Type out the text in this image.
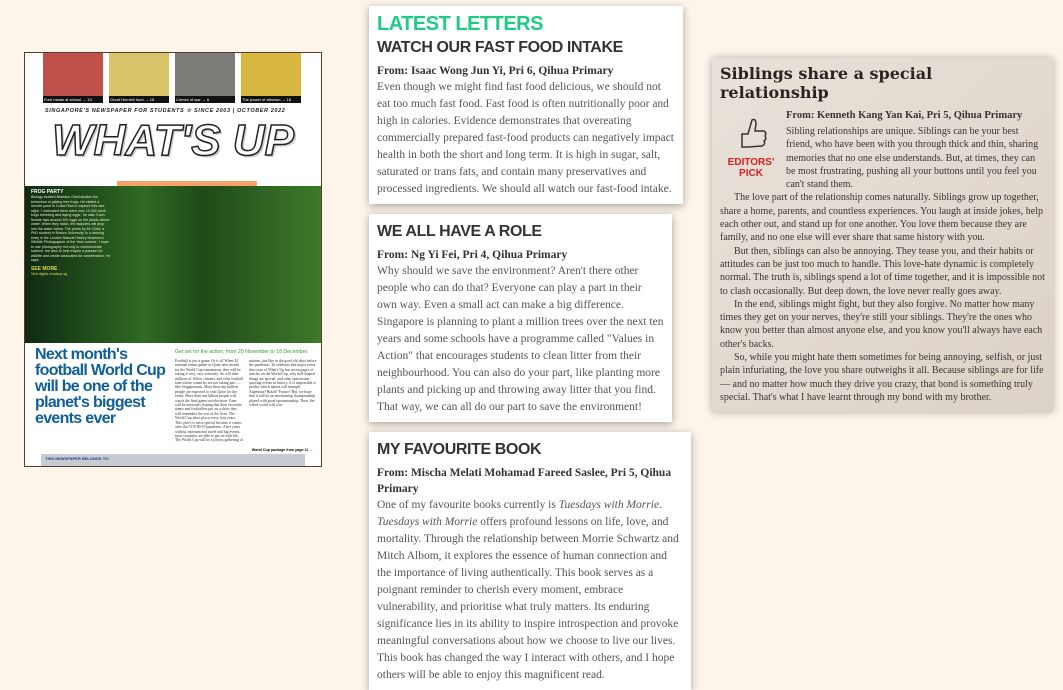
Free meals at school → 10	Great Hornbill hunt → 18	Crimes of war → 6	The power of altruism → 18
SINGAPORE'S NEWSPAPER FOR STUDENTS ☆ SINCE 2003 | OCTOBER 2022
WHAT'S UP
FROG PARTY
Biology student Brandon Güell studies the behaviour of gliding tree frogs. He visited a remote pond in Costa Rica to capture this rare sight. 'I estimated there were over 10,000 adult frogs breeding and laying eggs,' he said. Each female lays around 200 eggs on the plants above water. When they hatch, the tadpoles will drop into the water below. The photo by Mr Güell, a PhD student in Boston University, is a winning entry in the London Natural History Museum's Wildlife Photographer of the Year contest. 'I hope to use photography not only to communicate science, but also to help inspire a passion for wildlife and create advocates for conservation,' he says.
SEE MORE
Visit digital.whatsup.sg
Next month's football World Cup will be one of the planet's biggest events ever
Get set for the action, from 20 November to 18 December.
Football is just a game. Or is it? When 32 national teams gather in Qatar next month for the World Cup tournament, they will be taking it very, very seriously. So will their millions of fellow citizens, and even football fans whose countries are not taking part — like Singaporeans. More than one million people are expected to visit Qatar for the event. More than one billion people will watch the final game on television. Fans will be anxiously hoping that their favourite teams and footballers put on a show they will remember the rest of the lives. The World Cup takes place every four years. This year's is extra special because it comes after the COVID-19 pandemic. After years without international travel and big events, most countries are able to get on with life. The World Cup will be a joyous gathering of nations, just like in the good old days before the pandemic. To celebrate this major event, this issue of What's Up has seven pages of articles on the World Cup, why ball-shaped things are special, and other spectacular sporting events in history. It is impossible to predict which nation will triumph. Argentina? Brazil? France? But, we hope that it will be an entertaining championship played with good sportsmanship. Then, the whole world will win.
World Cup package from page 11 →
THIS NEWSPAPER BELONGS TO:
LATEST LETTERS
WATCH OUR FAST FOOD INTAKE
From: Isaac Wong Jun Yi, Pri 6, Qihua Primary

Even though we might find fast food delicious, we should not eat too much fast food. Fast food is often nutritionally poor and high in calories. Evidence demonstrates that overeating commercially prepared fast-food products can negatively impact health in both the short and long term. It is high in sugar, salt, saturated or trans fats, and contain many preservatives and processed ingredients. We should all watch our fast-food intake.

WE ALL HAVE A ROLE
From: Ng Yi Fei, Pri 4, Qihua Primary

Why should we save the environment? Aren't there other people who can do that? Everyone can play a part in their own way. Even a small act can make a big difference. Singapore is planning to plant a million trees over the next ten years and some schools have a programme called "Values in Action" that encourages students to clean litter from their neighbourhood. You can also do your part, like planting more plants and picking up and throwing away litter that you find. That way, we can all do our part to save the environment!

MY FAVOURITE BOOK
From: Mischa Melati Mohamad Fareed Saslee, Pri 5, Qihua Primary

One of my favourite books currently is Tuesdays with Morrie. Tuesdays with Morrie offers profound lessons on life, love, and mortality. Through the relationship between Morrie Schwartz and Mitch Albom, it explores the essence of human connection and the importance of living authentically. This book serves as a poignant reminder to cherish every moment, embrace vulnerability, and prioritise what truly matters. Its enduring significance lies in its ability to inspire introspection and provoke meaningful conversations about how we choose to live our lives. This book has changed the way I interact with others, and I hope others will be able to enjoy this magnificent read.

Siblings share a special relationship
EDITORS' PICK
From: Kenneth Kang Yan Kai, Pri 5, Qihua Primary

Sibling relationships are unique. Siblings can be your best friend, who have been with you through thick and thin, sharing memories that no one else understands. But, at times, they can be most frustrating, pushing all your buttons until you feel you can't stand them.

The love part of the relationship comes naturally. Siblings grow up together, share a home, parents, and countless experiences. You laugh at inside jokes, help each other out, and stand up for one another. You love them because they are family, and no one else will ever share that same history with you.

But then, siblings can also be annoying. They tease you, and their habits or attitudes can be just too much to handle. This love-hate dynamic is completely normal. The truth is, siblings spend a lot of time together, and it is impossible not to clash occasionally. But deep down, the love never really goes away.

In the end, siblings might fight, but they also forgive. No matter how many times they get on your nerves, they're still your siblings. They're the ones who know you better than almost anyone else, and you know you'll always have each other's backs.

So, while you might hate them sometimes for being annoying, selfish, or just plain infuriating, the love you share outweighs it all. Because siblings are for life — and no matter how much they drive you crazy, that bond is something truly special. That's what I have learnt through my bond with my brother.
